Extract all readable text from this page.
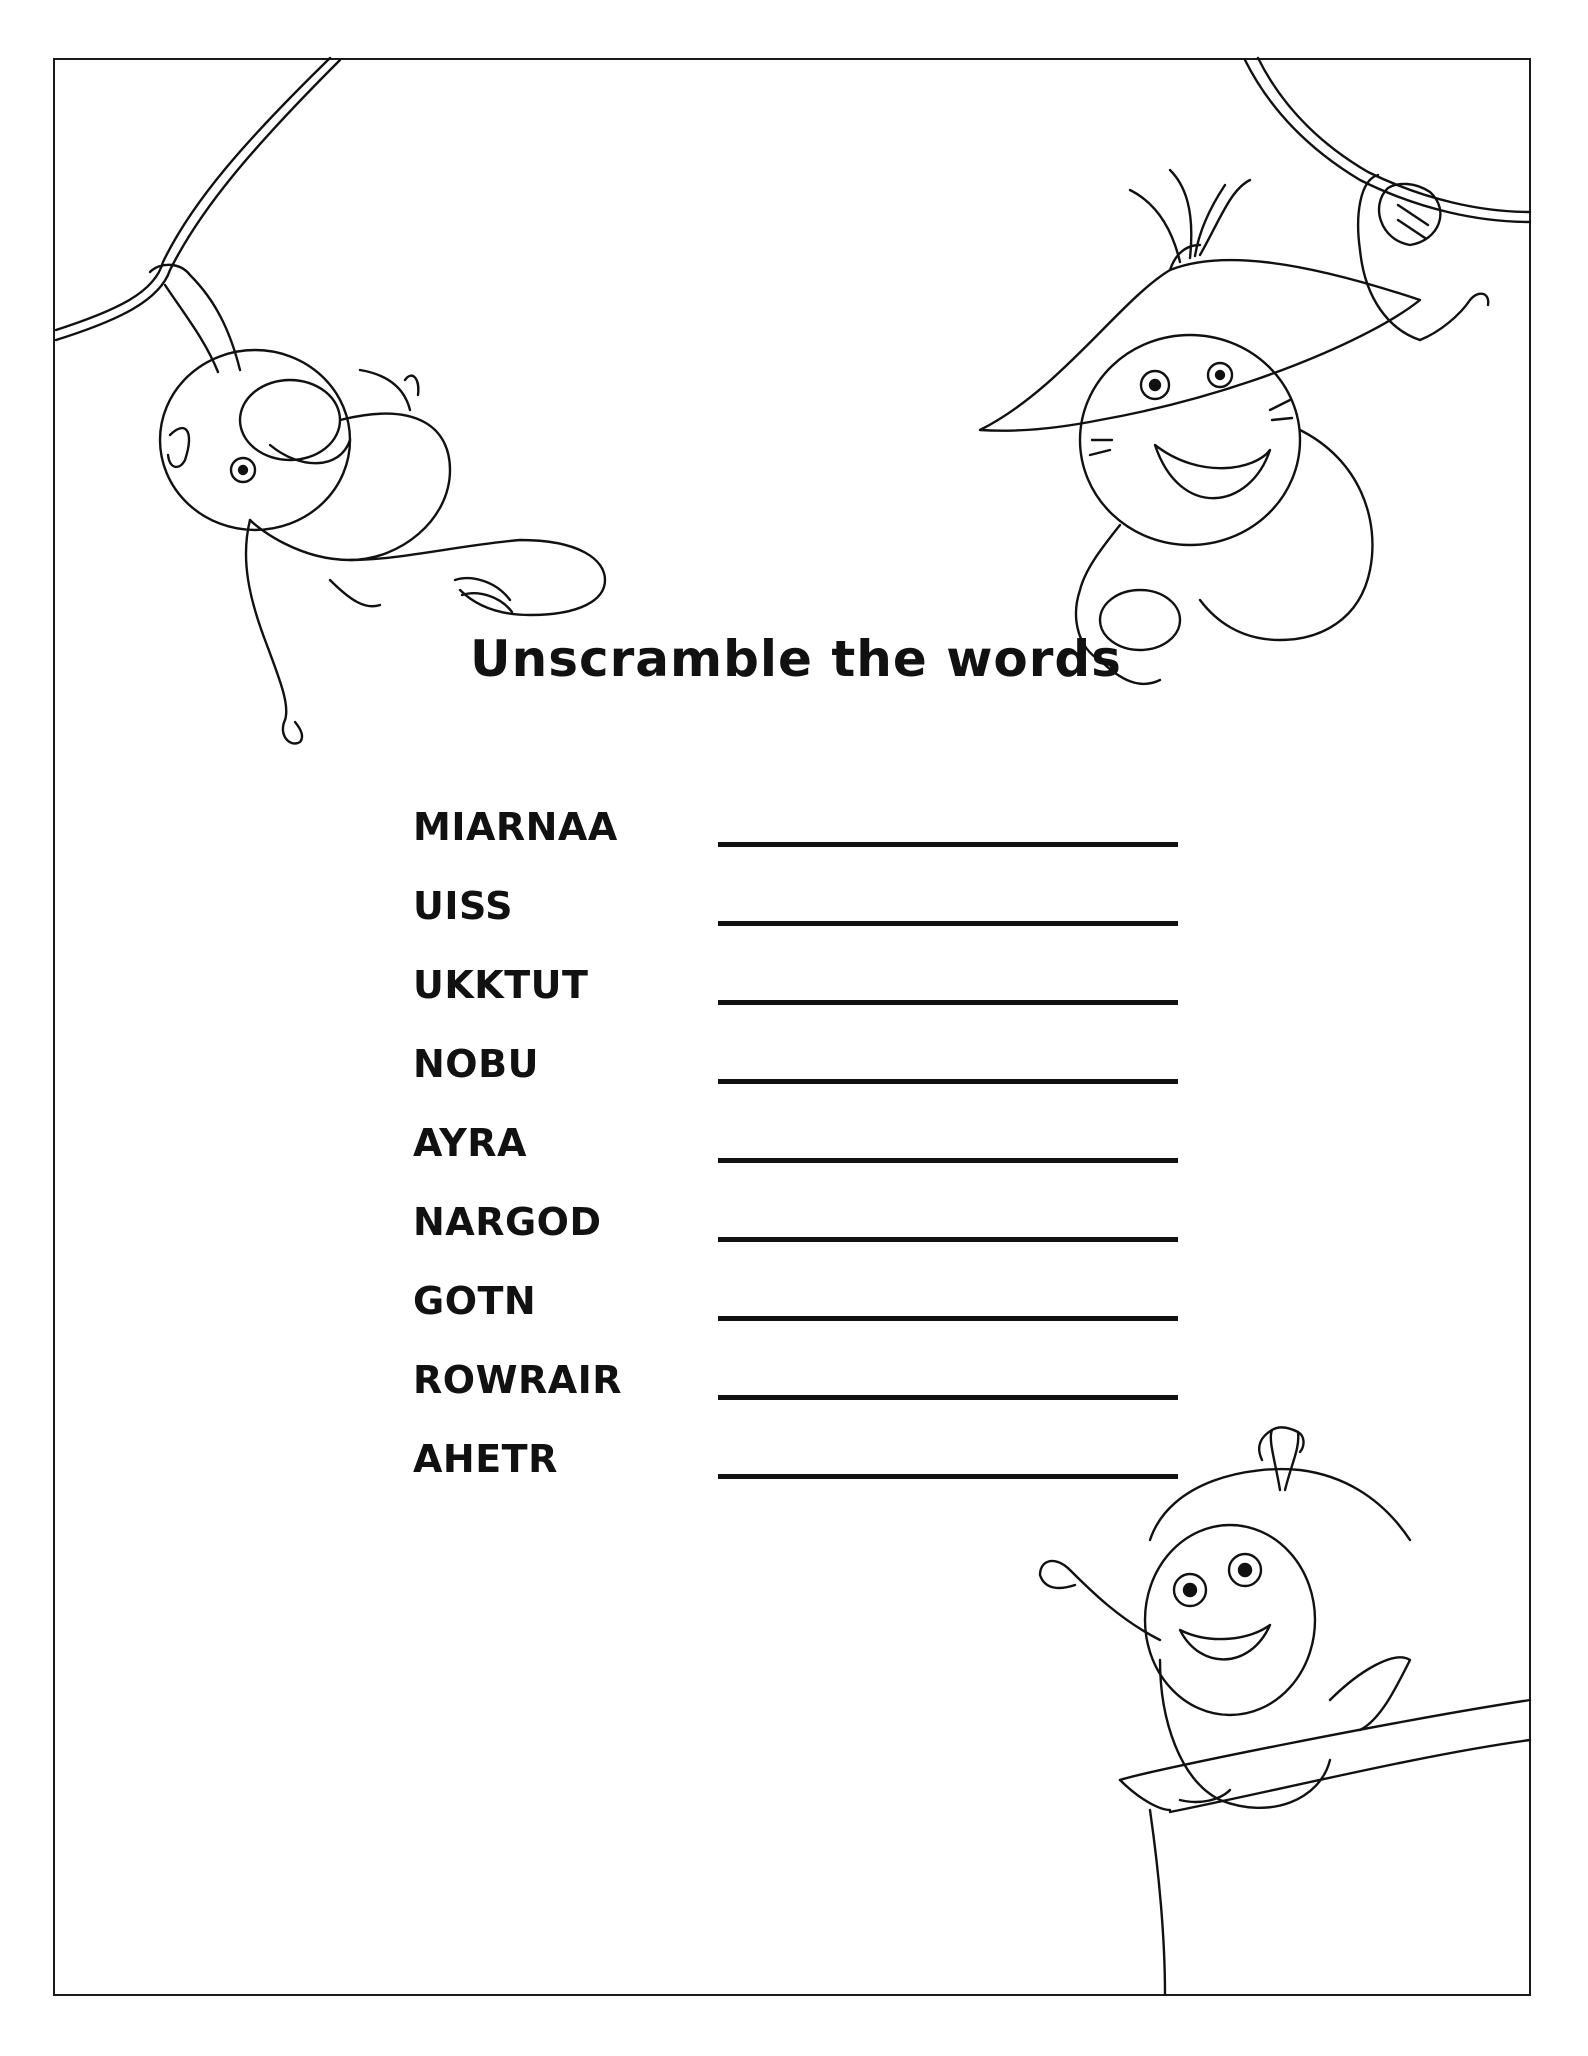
Unscramble the words
MIARNAA
UISS
UKKTUT
NOBU
AYRA
NARGOD
GOTN
ROWRAIR
AHETR
